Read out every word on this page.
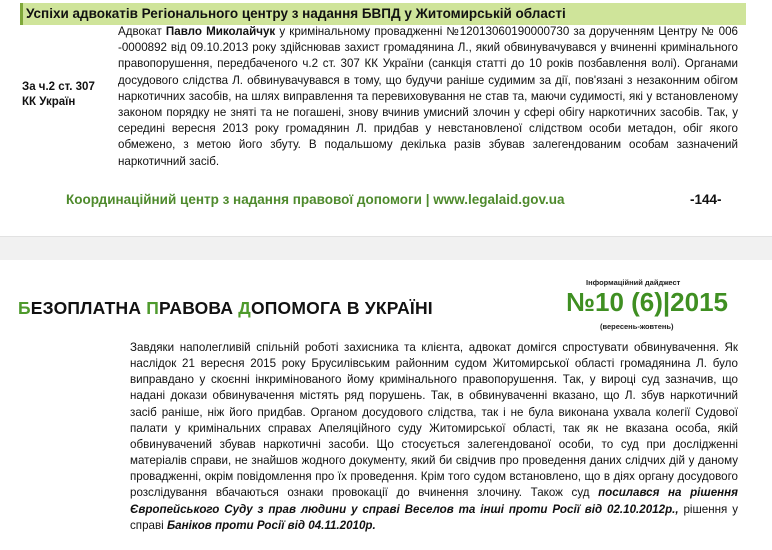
Успіхи адвокатів Регіонального центру з надання БВПД у Житомирській області
За ч.2 ст. 307 КК Україн
Адвокат Павло Миколайчук у кримінальному провадженні №12013060190000730 за дорученням Центру № 006 -0000892 від 09.10.2013 року здійснював захист громадянина Л., який обвинувачувався у вчиненні кримінального правопорушення, передбаченого ч.2 ст. 307 КК України (санкція статті до 10 років позбавлення волі). Органами досудового слідства Л. обвинувачувався в тому, що будучи раніше судимим за дії, пов'язані з незаконним обігом наркотичних засобів, на шлях виправлення та перевиховування не став та, маючи судимості, які у встановленому законом порядку не зняті та не погашені, знову вчинив умисний злочин у сфері обігу наркотичних засобів. Так, у середині вересня 2013 року громадянин Л. придбав у невстановленої слідством особи метадон, обіг якого обмежено, з метою його збуту. В подальшому декілька разів збував залегендованим особам зазначений наркотичний засіб.
Координаційний центр з надання правової допомоги | www.legalaid.gov.ua	-144-
БЕЗОПЛАТНА ПРАВОВА ДОПОМОГА В УКРАЇНІ
Інформаційний дайджест
№10 (6)|2015
(вересень-жовтень)
Завдяки наполегливій спільній роботі захисника та клієнта, адвокат домігся спростувати обвинувачення. Як наслідок 21 вересня 2015 року Брусилівським районним судом Житомирської області громадянина Л. було виправдано у скоєнні інкримінованого йому кримінального правопорушення. Так, у вироці суд зазначив, що надані докази обвинувачення містять ряд порушень. Так, в обвинуваченні вказано, що Л. збув наркотичний засіб раніше, ніж його придбав. Органом досудового слідства, так і не була виконана ухвала колегії Судової палати у кримінальних справах Апеляційного суду Житомирської області, так як не вказана особа, якій обвинувачений збував наркотичні засоби. Що стосується залегендованої особи, то суд при дослідженні матеріалів справи, не знайшов жодного документу, який би свідчив про проведення даних слідчих дій у даному провадженні, окрім повідомлення про їх проведення. Крім того судом встановлено, що в діях органу досудового розслідування вбачаються ознаки провокації до вчинення злочину. Також суд посилався на рішення Європейського Суду з прав людини у справі Веселов та інші проти Росії від 02.10.2012р., рішення у справі Баніков проти Росії від 04.11.2010р.
